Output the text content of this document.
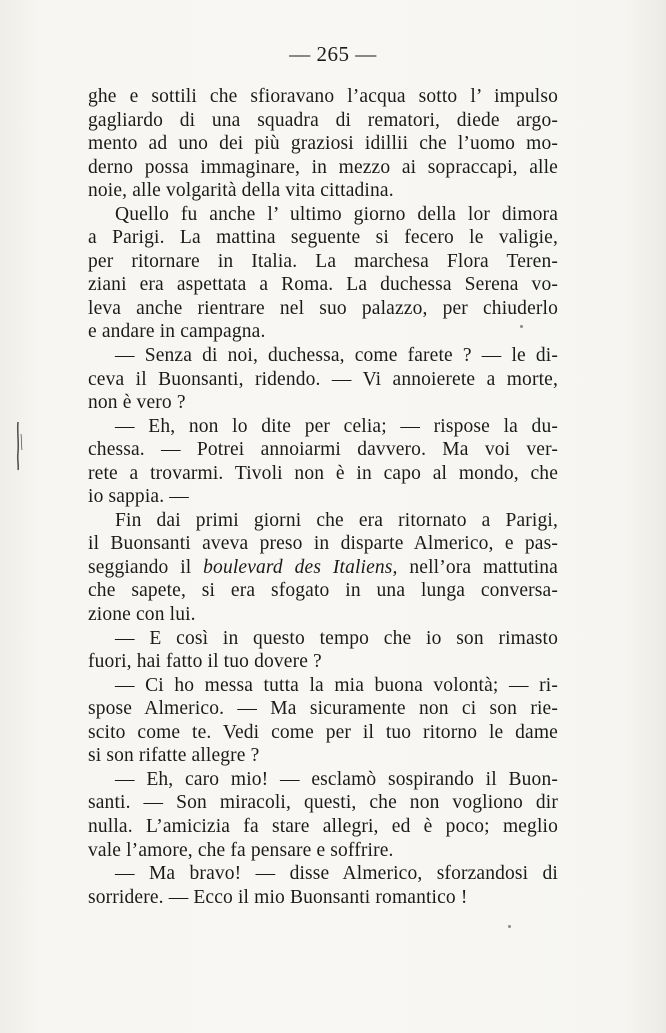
— 265 —
ghe e sottili che sfioravano l’acqua sotto l’ impulso
gagliardo di una squadra di rematori, diede argo-
mento ad uno dei più graziosi idillii che l’uomo mo-
derno possa immaginare, in mezzo ai sopraccapi, alle
noie, alle volgarità della vita cittadina.
Quello fu anche l’ ultimo giorno della lor dimora
a Parigi. La mattina seguente si fecero le valigie,
per ritornare in Italia. La marchesa Flora Teren-
ziani era aspettata a Roma. La duchessa Serena vo-
leva anche rientrare nel suo palazzo, per chiuderlo
e andare in campagna.
— Senza di noi, duchessa, come farete ? — le di-
ceva il Buonsanti, ridendo. — Vi annoierete a morte,
non è vero ?
— Eh, non lo dite per celia; — rispose la du-
chessa. — Potrei annoiarmi davvero. Ma voi ver-
rete a trovarmi. Tivoli non è in capo al mondo, che
io sappia. —
Fin dai primi giorni che era ritornato a Parigi,
il Buonsanti aveva preso in disparte Almerico, e pas-
seggiando il boulevard des Italiens, nell’ora mattutina
che sapete, si era sfogato in una lunga conversa-
zione con lui.
— E così in questo tempo che io son rimasto
fuori, hai fatto il tuo dovere ?
— Ci ho messa tutta la mia buona volontà; — ri-
spose Almerico. — Ma sicuramente non ci son rie-
scito come te. Vedi come per il tuo ritorno le dame
si son rifatte allegre ?
— Eh, caro mio! — esclamò sospirando il Buon-
santi. — Son miracoli, questi, che non vogliono dir
nulla. L’amicizia fa stare allegri, ed è poco; meglio
vale l’amore, che fa pensare e soffrire.
— Ma bravo! — disse Almerico, sforzandosi di
sorridere. — Ecco il mio Buonsanti romantico !
